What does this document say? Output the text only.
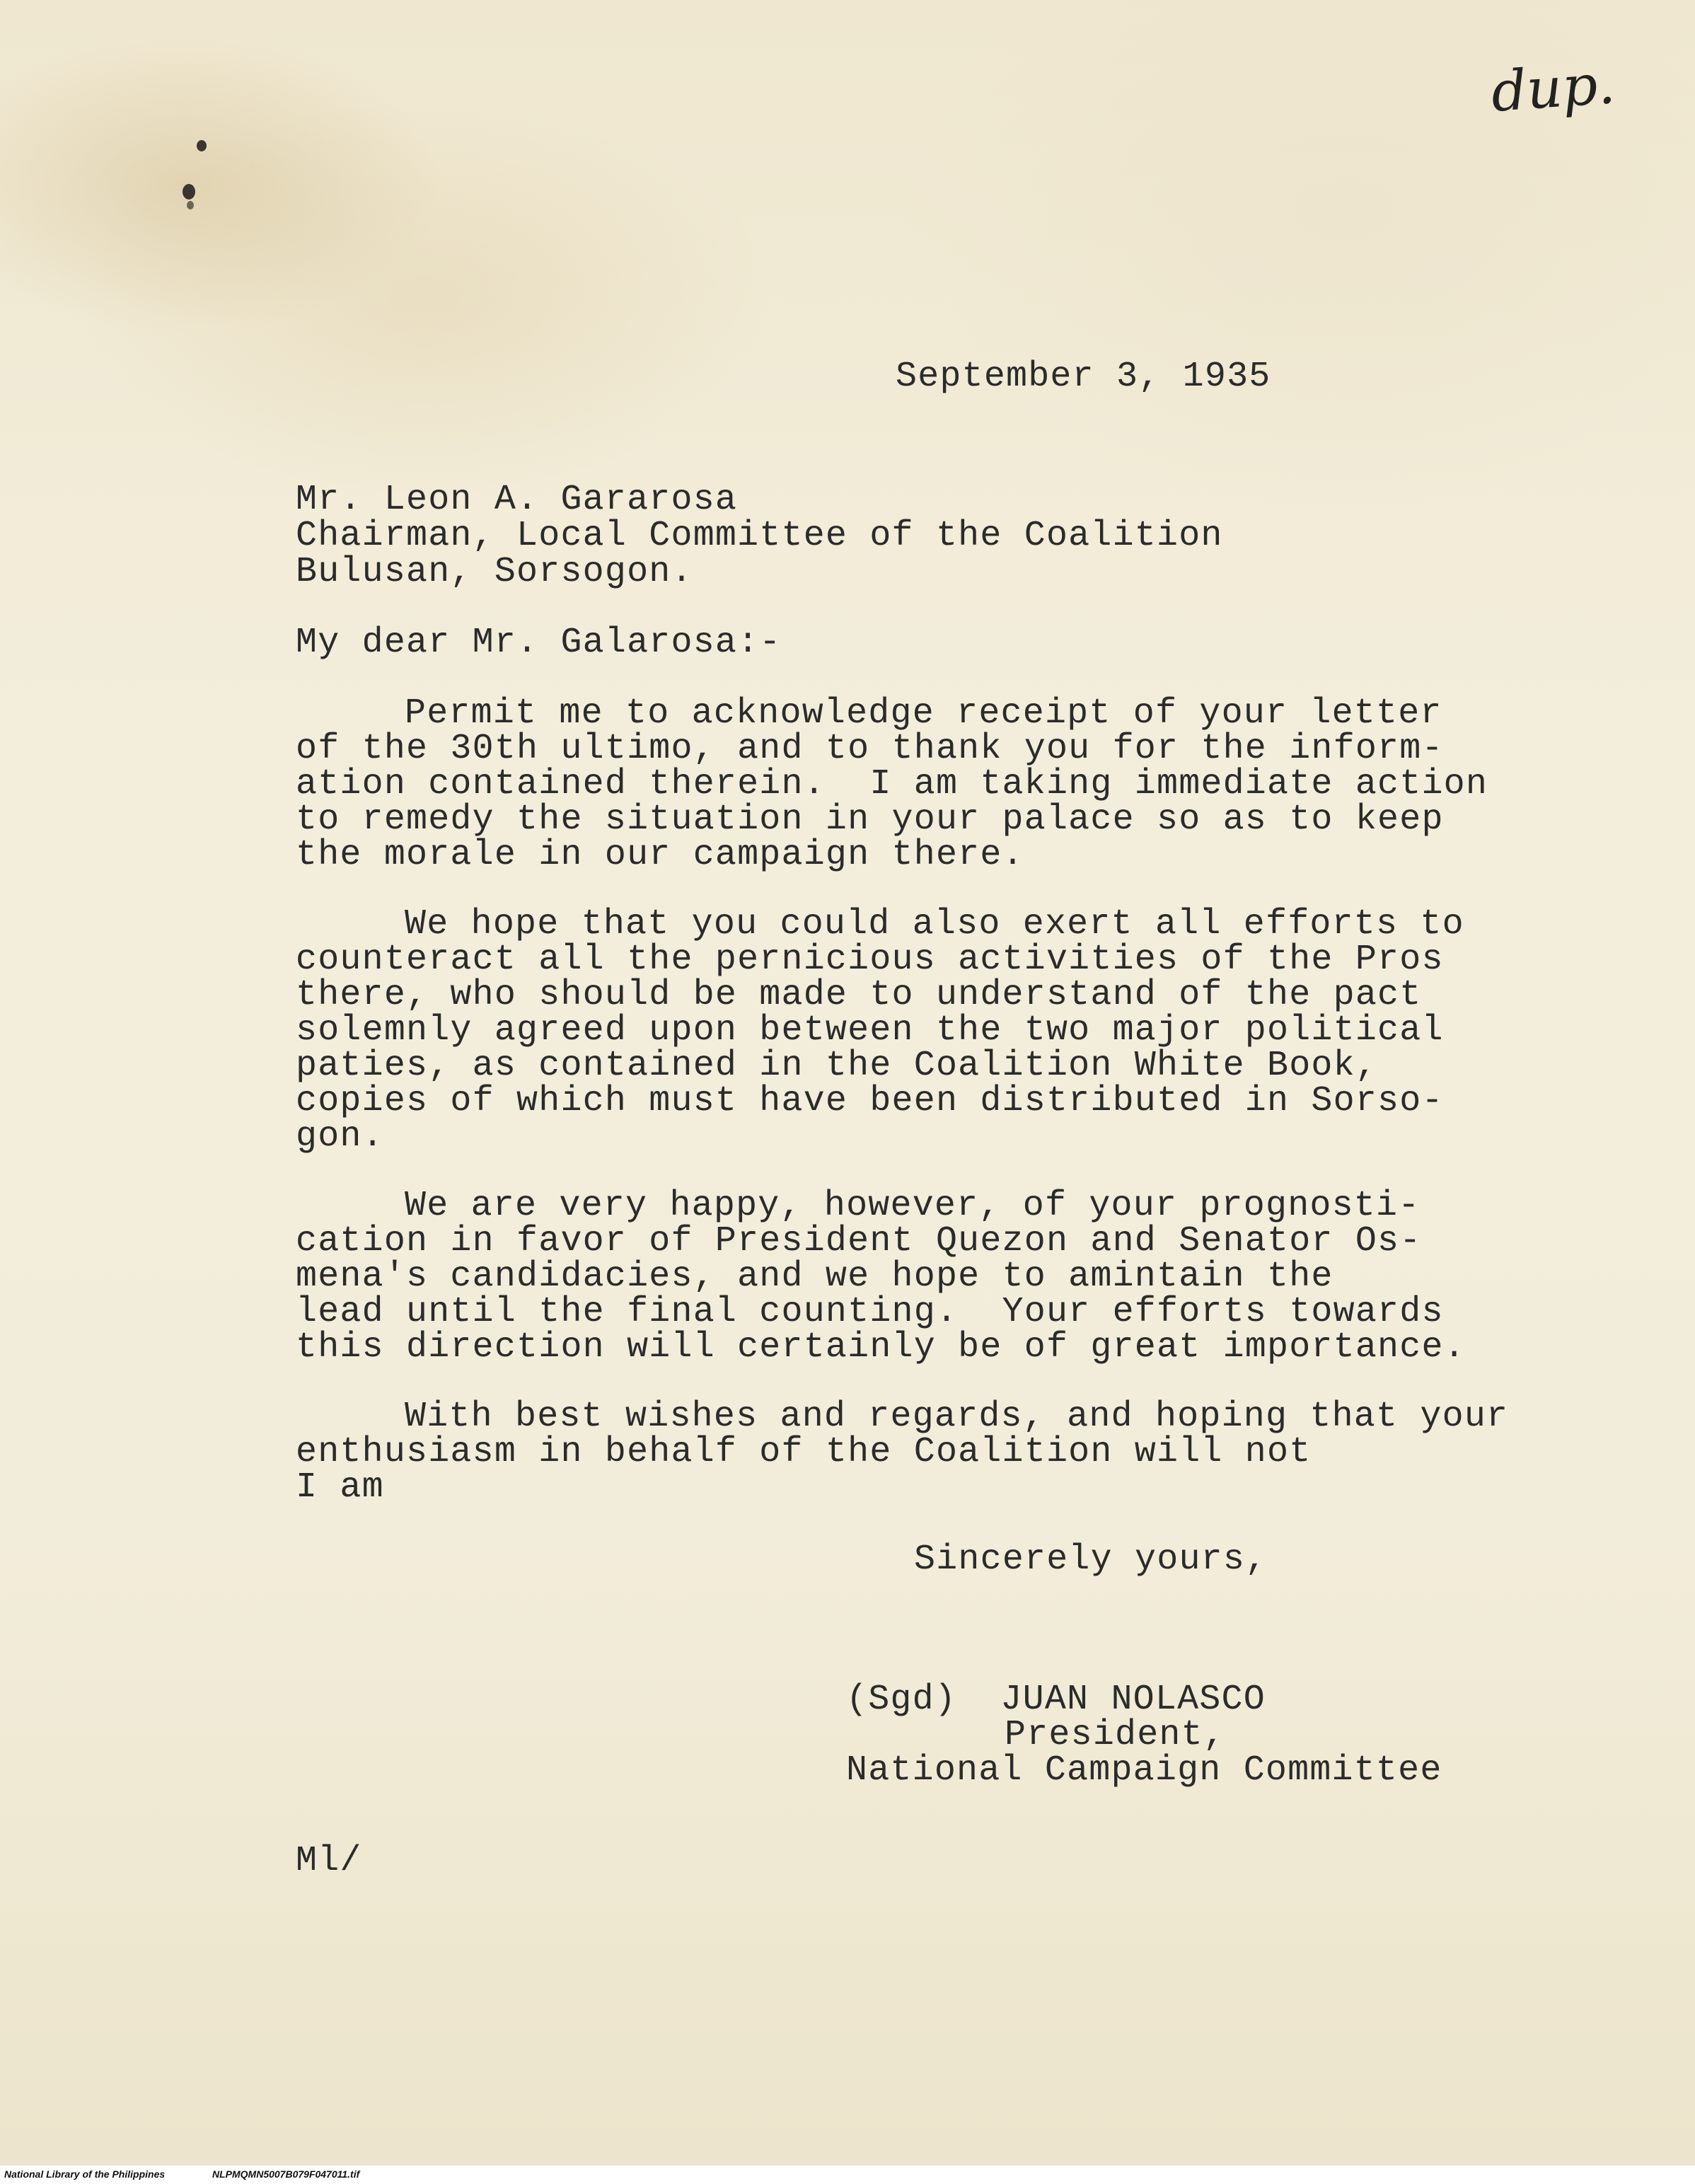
dup.
September 3, 1935
Mr. Leon A. Gararosa
Chairman, Local Committee of the Coalition
Bulusan, Sorsogon.
My dear Mr. Galarosa:-
Permit me to acknowledge receipt of your letter
of the 30th ultimo, and to thank you for the inform-
ation contained therein.  I am taking immediate action
to remedy the situation in your palace so as to keep
the morale in our campaign there.
We hope that you could also exert all efforts to
counteract all the pernicious activities of the Pros
there, who should be made to understand of the pact
solemnly agreed upon between the two major political
paties, as contained in the Coalition White Book,
copies of which must have been distributed in Sorso-
gon.
We are very happy, however, of your prognosti-
cation in favor of President Quezon and Senator Os-
mena's candidacies, and we hope to amintain the
lead until the final counting.  Your efforts towards
this direction will certainly be of great importance.
With best wishes and regards, and hoping that your
enthusiasm in behalf of the Coalition will not
I am
Sincerely yours,
(Sgd)  JUAN NOLASCO
President,
National Campaign Committee
Ml/
National Library of the Philippines	NLPMQMN5007B079F047011.tif
